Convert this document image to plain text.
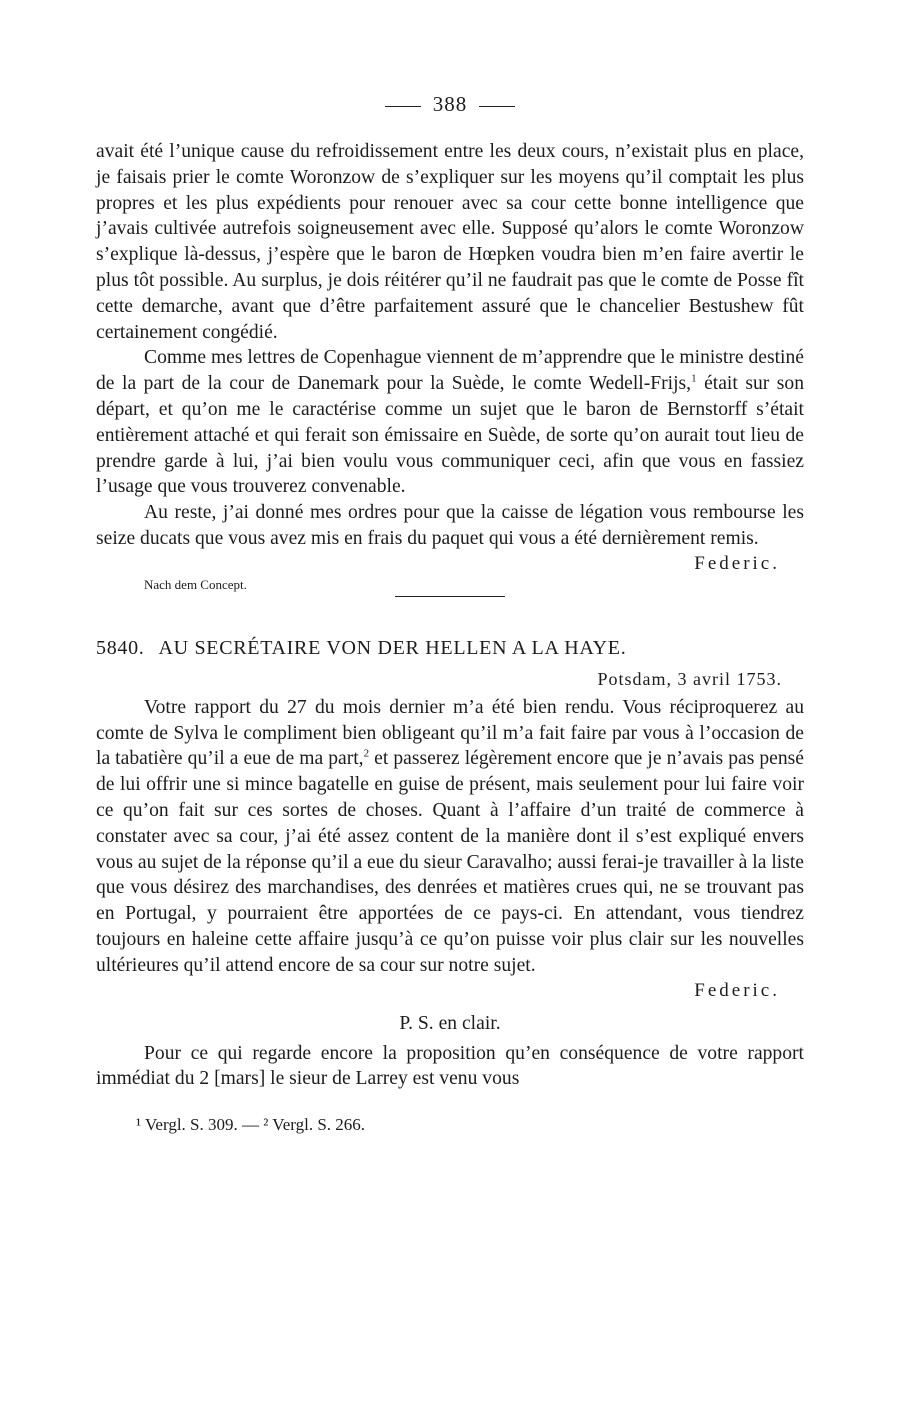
388

avait été l’unique cause du refroidissement entre les deux cours, n’existait plus en place, je faisais prier le comte Woronzow de s’expliquer sur les moyens qu’il comptait les plus propres et les plus expédients pour renouer avec sa cour cette bonne intelligence que j’avais cultivée autrefois soigneusement avec elle. Supposé qu’alors le comte Woronzow s’explique là-dessus, j’espère que le baron de Hœpken voudra bien m’en faire avertir le plus tôt possible. Au surplus, je dois réitérer qu’il ne faudrait pas que le comte de Posse fît cette demarche, avant que d’être parfaitement assuré que le chancelier Bestushew fût certainement congédié.

Comme mes lettres de Copenhague viennent de m’apprendre que le ministre destiné de la part de la cour de Danemark pour la Suède, le comte Wedell-Frijs,$^1$ était sur son départ, et qu’on me le caractérise comme un sujet que le baron de Bernstorff s’était entièrement attaché et qui ferait son émissaire en Suède, de sorte qu’on aurait tout lieu de prendre garde à lui, j’ai bien voulu vous communiquer ceci, afin que vous en fassiez l’usage que vous trouverez convenable.

Au reste, j’ai donné mes ordres pour que la caisse de légation vous rembourse les seize ducats que vous avez mis en frais du paquet qui vous a été dernièrement remis.

Federic.
Nach dem Concept.
5840. AU SECRÉTAIRE VON DER HELLEN A LA HAYE.
Potsdam, 3 avril 1753.

Votre rapport du 27 du mois dernier m’a été bien rendu. Vous réciproquerez au comte de Sylva le compliment bien obligeant qu’il m’a fait faire par vous à l’occasion de la tabatière qu’il a eue de ma part,$^2$ et passerez légèrement encore que je n’avais pas pensé de lui offrir une si mince bagatelle en guise de présent, mais seulement pour lui faire voir ce qu’on fait sur ces sortes de choses. Quant à l’affaire d’un traité de commerce à constater avec sa cour, j’ai été assez content de la manière dont il s’est expliqué envers vous au sujet de la réponse qu’il a eue du sieur Caravalho; aussi ferai-je travailler à la liste que vous désirez des marchandises, des denrées et matières crues qui, ne se trouvant pas en Portugal, y pourraient être apportées de ce pays-ci. En attendant, vous tiendrez toujours en haleine cette affaire jusqu’à ce qu’on puisse voir plus clair sur les nouvelles ultérieures qu’il attend encore de sa cour sur notre sujet.

Federic.
P. S. en clair.

Pour ce qui regarde encore la proposition qu’en conséquence de votre rapport immédiat du 2 [mars] le sieur de Larrey est venu vous

¹ Vergl. S. 309. — ² Vergl. S. 266.
